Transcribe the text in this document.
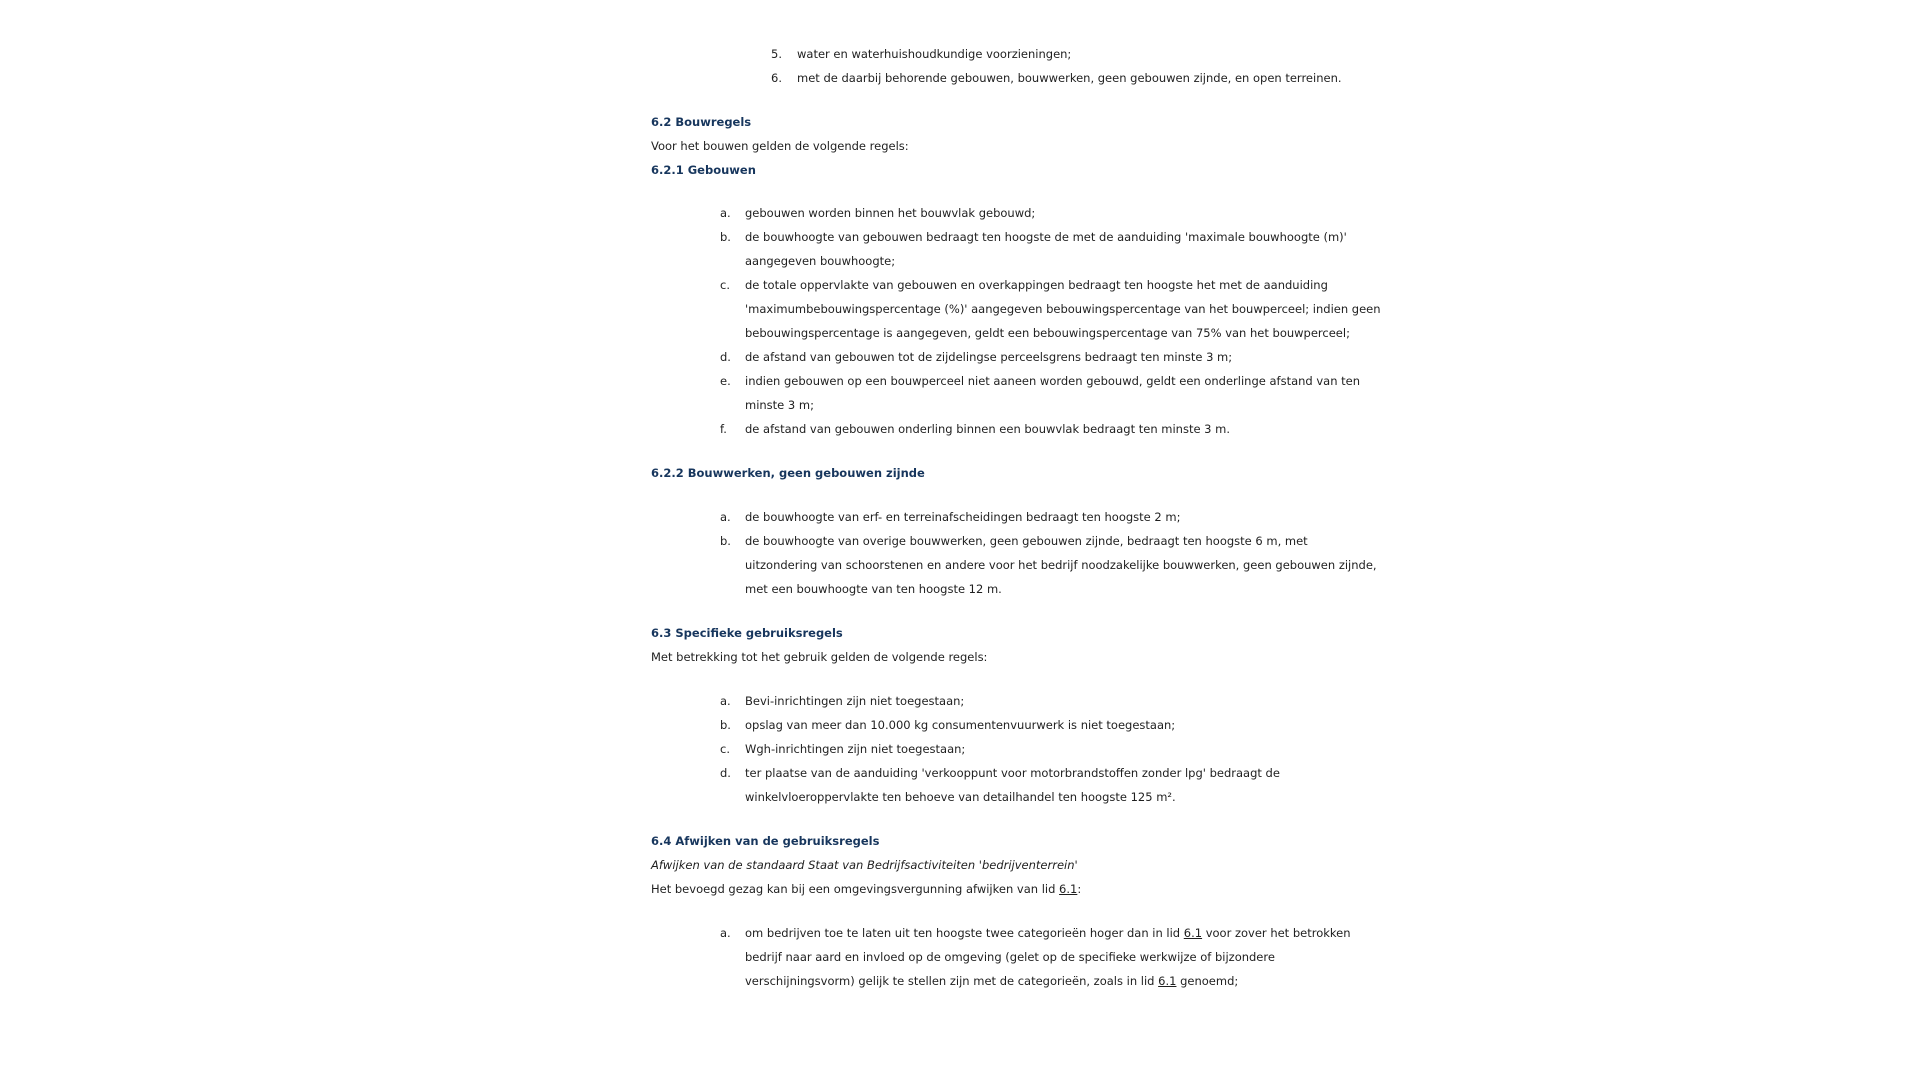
5. water en waterhuishoudkundige voorzieningen;
6. met de daarbij behorende gebouwen, bouwwerken, geen gebouwen zijnde, en open terreinen.
6.2 Bouwregels
Voor het bouwen gelden de volgende regels:
6.2.1 Gebouwen
a. gebouwen worden binnen het bouwvlak gebouwd;
b. de bouwhoogte van gebouwen bedraagt ten hoogste de met de aanduiding 'maximale bouwhoogte (m)'
aangegeven bouwhoogte;
c. de totale oppervlakte van gebouwen en overkappingen bedraagt ten hoogste het met de aanduiding
'maximumbebouwingspercentage (%)' aangegeven bebouwingspercentage van het bouwperceel; indien geen
bebouwingspercentage is aangegeven, geldt een bebouwingspercentage van 75% van het bouwperceel;
d. de afstand van gebouwen tot de zijdelingse perceelsgrens bedraagt ten minste 3 m;
e. indien gebouwen op een bouwperceel niet aaneen worden gebouwd, geldt een onderlinge afstand van ten
minste 3 m;
f. de afstand van gebouwen onderling binnen een bouwvlak bedraagt ten minste 3 m.
6.2.2 Bouwwerken, geen gebouwen zijnde
a. de bouwhoogte van erf- en terreinafscheidingen bedraagt ten hoogste 2 m;
b. de bouwhoogte van overige bouwwerken, geen gebouwen zijnde, bedraagt ten hoogste 6 m, met
uitzondering van schoorstenen en andere voor het bedrijf noodzakelijke bouwwerken, geen gebouwen zijnde,
met een bouwhoogte van ten hoogste 12 m.
6.3 Specifieke gebruiksregels
Met betrekking tot het gebruik gelden de volgende regels:
a. Bevi-inrichtingen zijn niet toegestaan;
b. opslag van meer dan 10.000 kg consumentenvuurwerk is niet toegestaan;
c. Wgh-inrichtingen zijn niet toegestaan;
d. ter plaatse van de aanduiding 'verkooppunt voor motorbrandstoffen zonder lpg' bedraagt de
winkelvloeroppervlakte ten behoeve van detailhandel ten hoogste 125 m².
6.4 Afwijken van de gebruiksregels
Afwijken van de standaard Staat van Bedrijfsactiviteiten 'bedrijventerrein'
Het bevoegd gezag kan bij een omgevingsvergunning afwijken van lid 6.1:
a. om bedrijven toe te laten uit ten hoogste twee categorieën hoger dan in lid 6.1 voor zover het betrokken
bedrijf naar aard en invloed op de omgeving (gelet op de specifieke werkwijze of bijzondere
verschijningsvorm) gelijk te stellen zijn met de categorieën, zoals in lid 6.1 genoemd;
